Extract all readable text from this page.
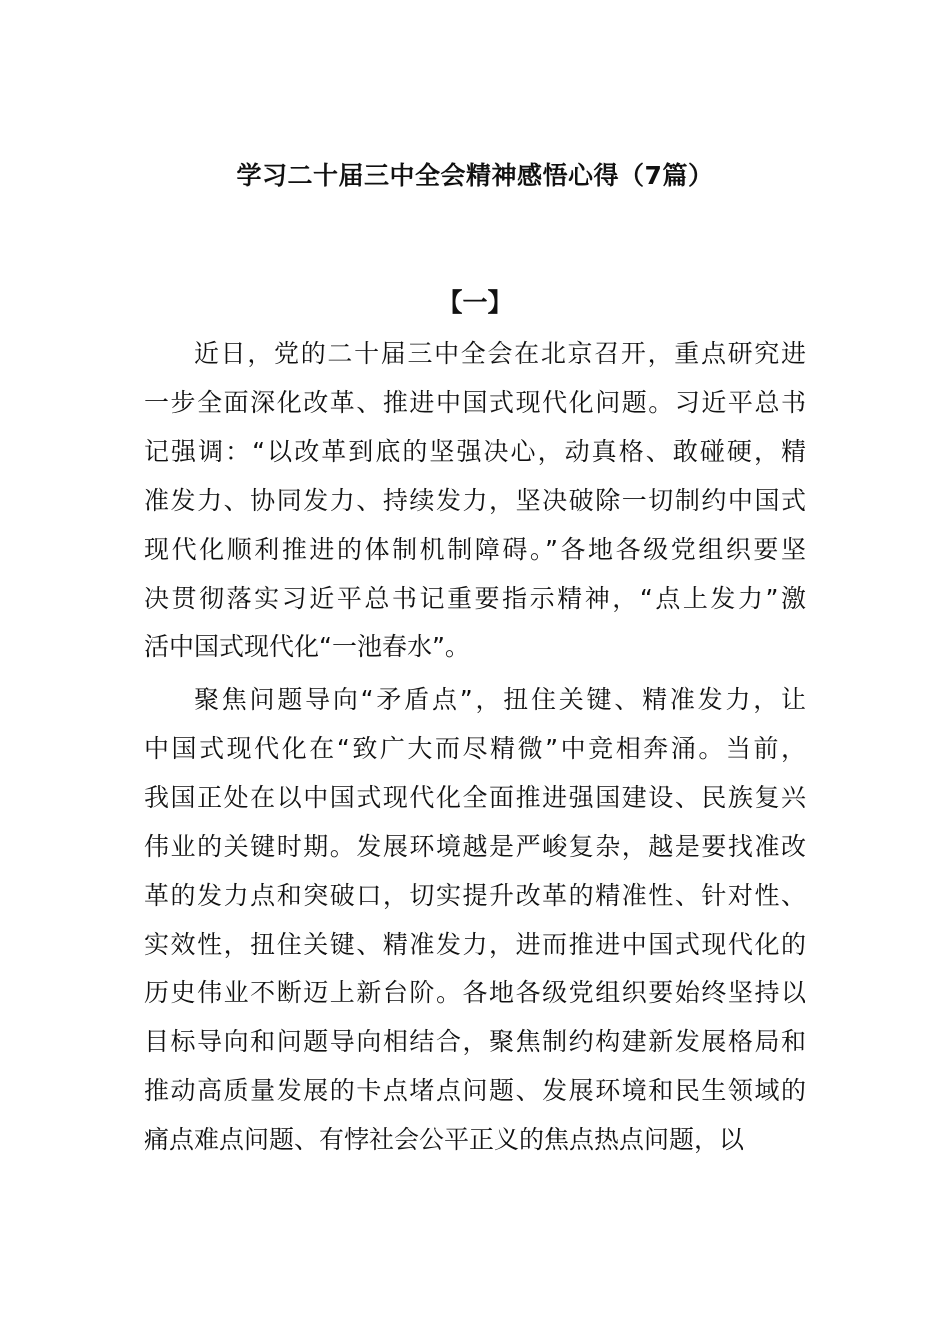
学习二十届三中全会精神感悟心得（7篇）
【一】
近日，党的二十届三中全会在北京召开，重点研究进
一步全面深化改革、推进中国式现代化问题。习近平总书
记强调：“以改革到底的坚强决心，动真格、敢碰硬，精
准发力、协同发力、持续发力，坚决破除一切制约中国式
现代化顺利推进的体制机制障碍。”各地各级党组织要坚
决贯彻落实习近平总书记重要指示精神，“点上发力”激
活中国式现代化“一池春水”。
聚焦问题导向“矛盾点”，扭住关键、精准发力，让
中国式现代化在“致广大而尽精微”中竞相奔涌。当前，
我国正处在以中国式现代化全面推进强国建设、民族复兴
伟业的关键时期。发展环境越是严峻复杂，越是要找准改
革的发力点和突破口，切实提升改革的精准性、针对性、
实效性，扭住关键、精准发力，进而推进中国式现代化的
历史伟业不断迈上新台阶。各地各级党组织要始终坚持以
目标导向和问题导向相结合，聚焦制约构建新发展格局和
推动高质量发展的卡点堵点问题、发展环境和民生领域的
痛点难点问题、有悖社会公平正义的焦点热点问题，以
